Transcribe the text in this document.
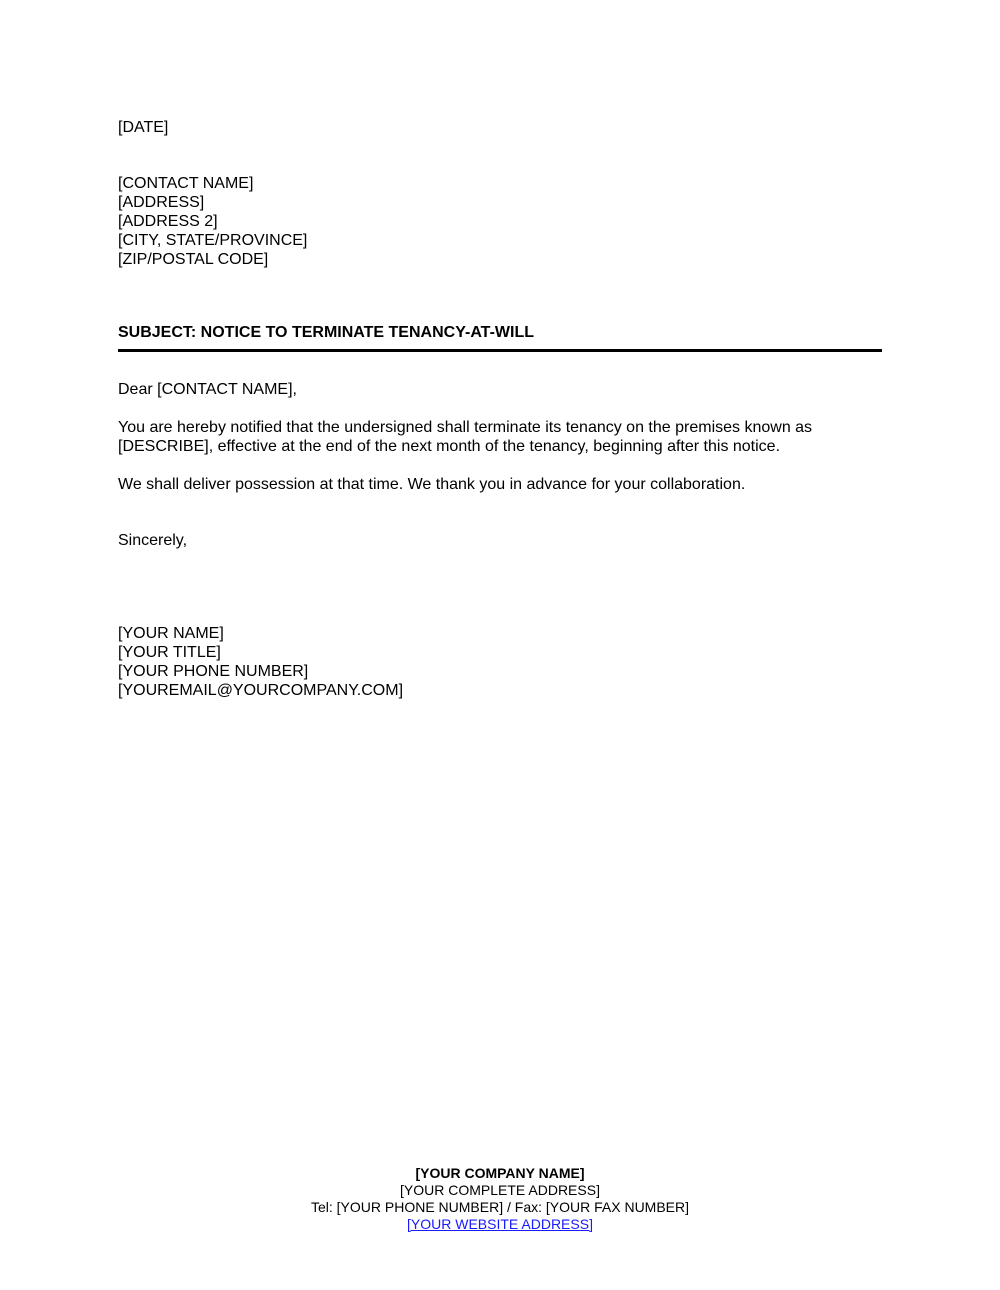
[DATE]
[CONTACT NAME]
[ADDRESS]
[ADDRESS 2]
[CITY, STATE/PROVINCE]
[ZIP/POSTAL CODE]
SUBJECT: NOTICE TO TERMINATE TENANCY-AT-WILL
Dear [CONTACT NAME],
You are hereby notified that the undersigned shall terminate its tenancy on the premises known as
[DESCRIBE], effective at the end of the next month of the tenancy, beginning after this notice.
We shall deliver possession at that time. We thank you in advance for your collaboration.
Sincerely,
[YOUR NAME]
[YOUR TITLE]
[YOUR PHONE NUMBER]
[YOUREMAIL@YOURCOMPANY.COM]
[YOUR COMPANY NAME]
[YOUR COMPLETE ADDRESS]
Tel: [YOUR PHONE NUMBER] / Fax: [YOUR FAX NUMBER]
[YOUR WEBSITE ADDRESS]
